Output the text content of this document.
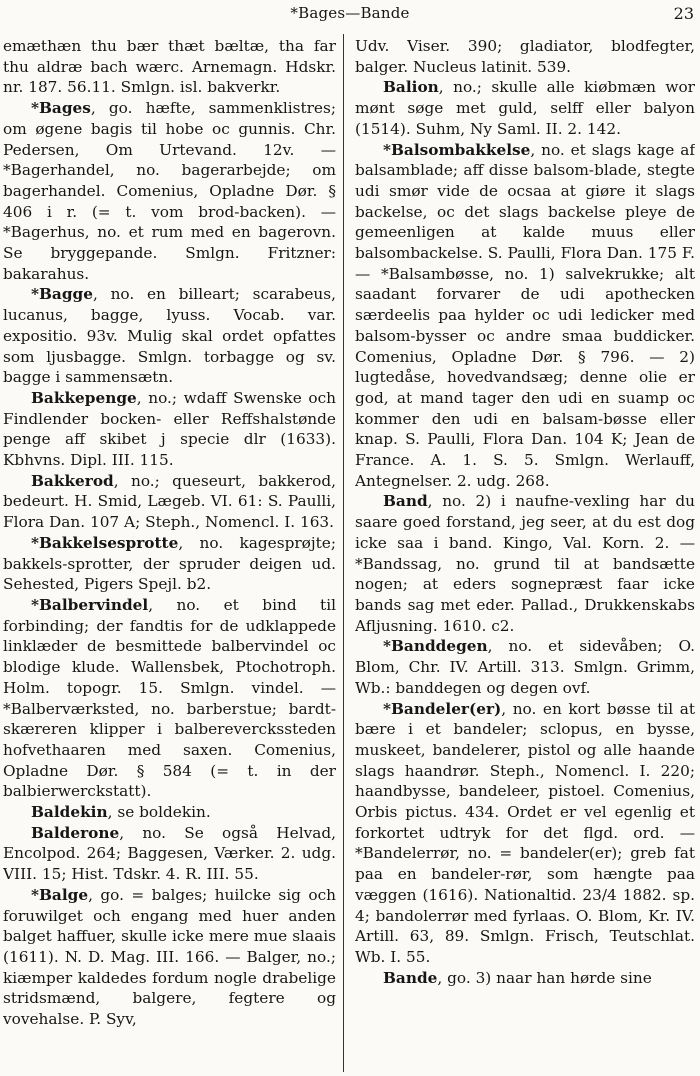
*Bages—Bande	23

emæthæn thu bær thæt bæltæ, tha far thu aldræ bach wærc. Arnemagn. Hdskr. nr. 187. 56.11. Smlgn. isl. bakverkr.

*Bages, go. hæfte, sammenklistres; om øgene bagis til hobe oc gunnis. Chr. Pedersen, Om Urtevand. 12v. — *Bagerhandel, no. bagerarbejde; om bagerhandel. Comenius, Opladne Dør. § 406 i r. (= t. vom brod-backen). — *Bagerhus, no. et rum med en bagerovn. Se bryggepande. Smlgn. Fritzner: bakarahus.

*Bagge, no. en billeart; scarabeus, lucanus, bagge, lyuss. Vocab. var. expositio. 93v. Mulig skal ordet opfattes som ljusbagge. Smlgn. torbagge og sv. bagge i sammensætn.

Bakkepenge, no.; wdaff Swenske och Findlender bocken- eller Reffshalstønde penge aff skibet j specie dlr (1633). Kbhvns. Dipl. III. 115.

Bakkerod, no.; queseurt, bakkerod, bedeurt. H. Smid, Lægeb. VI. 61: S. Paulli, Flora Dan. 107 A; Steph., Nomencl. I. 163.

*Bakkelsesprotte, no. kagesprøjte; bakkels-sprotter, der spruder deigen ud. Sehested, Pigers Spejl. b2.

*Balbervindel, no. et bind til forbinding; der fandtis for de udklappede linklæder de besmittede balbervindel oc blodige klude. Wallensbek, Ptochotroph. Holm. topogr. 15. Smlgn. vindel. — *Balberværksted, no. barberstue; bardt-skæreren klipper i balbereverckssteden hofvethaaren med saxen. Comenius, Opladne Dør. § 584 (= t. in der balbierwerckstatt).

Baldekin, se boldekin.

Balderone, no. Se også Helvad, Encolpod. 264; Baggesen, Værker. 2. udg. VIII. 15; Hist. Tdskr. 4. R. III. 55.

*Balge, go. = balges; huilcke sig och foruwilget och engang med huer anden balget haffuer, skulle icke mere mue slaais (1611). N. D. Mag. III. 166. — Balger, no.; kiæmper kaldedes fordum nogle drabelige stridsmænd, balgere, fegtere og vovehalse. P. Syv,

Udv. Viser. 390; gladiator, blodfegter, balger. Nucleus latinit. 539.

Balion, no.; skulle alle kiøbmæn wor mønt søge met guld, selff eller balyon (1514). Suhm, Ny Saml. II. 2. 142.

*Balsombakkelse, no. et slags kage af balsamblade; aff disse balsom-blade, stegte udi smør vide de ocsaa at giøre it slags backelse, oc det slags backelse pleye de gemeenligen at kalde muus eller balsombackelse. S. Paulli, Flora Dan. 175 F. — *Balsambøsse, no. 1) salvekrukke; alt saadant forvarer de udi apothecken særdeelis paa hylder oc udi ledicker med balsom-bysser oc andre smaa buddicker. Comenius, Opladne Dør. § 796. — 2) lugtedåse, hovedvandsæg; denne olie er god, at mand tager den udi en suamp oc kommer den udi en balsam-bøsse eller knap. S. Paulli, Flora Dan. 104 K; Jean de France. A. 1. S. 5. Smlgn. Werlauff, Antegnelser. 2. udg. 268.

Band, no. 2) i naufne-vexling har du saare goed forstand, jeg seer, at du est dog icke saa i band. Kingo, Val. Korn. 2. — *Bandssag, no. grund til at bandsætte nogen; at eders sognepræst faar icke bands sag met eder. Pallad., Drukkenskabs Afljusning. 1610. c2.

*Banddegen, no. et sidevåben; O. Blom, Chr. IV. Artill. 313. Smlgn. Grimm, Wb.: banddegen og degen ovf.

*Bandeler(er), no. en kort bøsse til at bære i et bandeler; sclopus, en bysse, muskeet, bandelerer, pistol og alle haande slags haandrør. Steph., Nomencl. I. 220; haandbysse, bandeleer, pistoel. Comenius, Orbis pictus. 434. Ordet er vel egenlig et forkortet udtryk for det flgd. ord. — *Bandelerrør, no. = bandeler(er); greb fat paa en bandeler-rør, som hængte paa væggen (1616). Nationaltid. 23/4 1882. sp. 4; bandolerrør med fyrlaas. O. Blom, Kr. IV. Artill. 63, 89. Smlgn. Frisch, Teutschlat. Wb. I. 55.

Bande, go. 3) naar han hørde sine
